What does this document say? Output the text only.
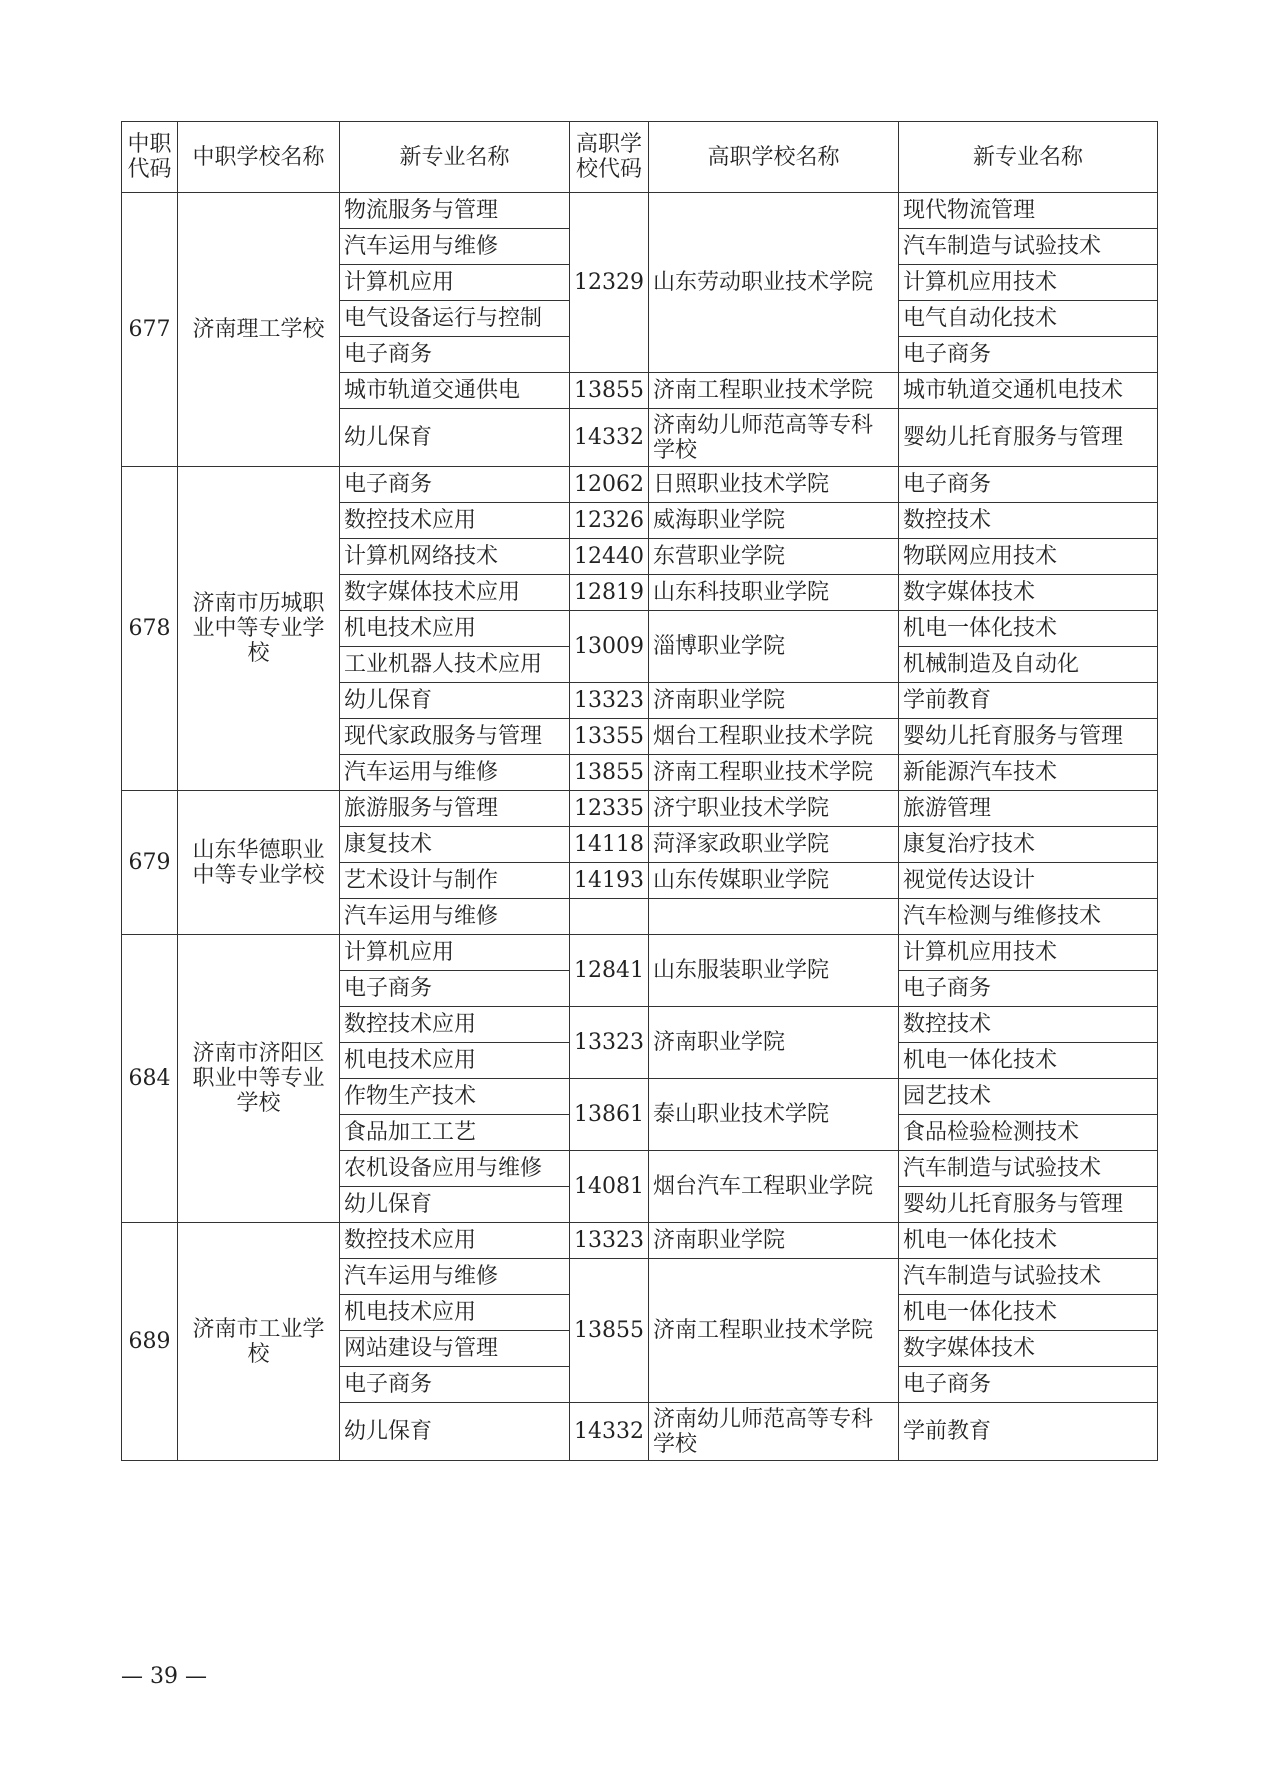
中职代码	中职学校名称	新专业名称	高职学校代码	高职学校名称	新专业名称
677	济南理工学校	物流服务与管理	12329	山东劳动职业技术学院	现代物流管理
		汽车运用与维修			汽车制造与试验技术
		计算机应用			计算机应用技术
		电气设备运行与控制			电气自动化技术
		电子商务			电子商务
		城市轨道交通供电	13855	济南工程职业技术学院	城市轨道交通机电技术
		幼儿保育	14332	济南幼儿师范高等专科学校	婴幼儿托育服务与管理
678	济南市历城职业中等专业学校	电子商务	12062	日照职业技术学院	电子商务
		数控技术应用	12326	威海职业学院	数控技术
		计算机网络技术	12440	东营职业学院	物联网应用技术
		数字媒体技术应用	12819	山东科技职业学院	数字媒体技术
		机电技术应用	13009	淄博职业学院	机电一体化技术
		工业机器人技术应用			机械制造及自动化
		幼儿保育	13323	济南职业学院	学前教育
		现代家政服务与管理	13355	烟台工程职业技术学院	婴幼儿托育服务与管理
		汽车运用与维修	13855	济南工程职业技术学院	新能源汽车技术
679	山东华德职业中等专业学校	旅游服务与管理	12335	济宁职业技术学院	旅游管理
		康复技术	14118	菏泽家政职业学院	康复治疗技术
		艺术设计与制作	14193	山东传媒职业学院	视觉传达设计
		汽车运用与维修			汽车检测与维修技术
684	济南市济阳区职业中等专业学校	计算机应用	12841	山东服装职业学院	计算机应用技术
		电子商务			电子商务
		数控技术应用	13323	济南职业学院	数控技术
		机电技术应用			机电一体化技术
		作物生产技术	13861	泰山职业技术学院	园艺技术
		食品加工工艺			食品检验检测技术
		农机设备应用与维修	14081	烟台汽车工程职业学院	汽车制造与试验技术
		幼儿保育			婴幼儿托育服务与管理
689	济南市工业学校	数控技术应用	13323	济南职业学院	机电一体化技术
		汽车运用与维修	13855	济南工程职业技术学院	汽车制造与试验技术
		机电技术应用			机电一体化技术
		网站建设与管理			数字媒体技术
		电子商务			电子商务
		幼儿保育	14332	济南幼儿师范高等专科学校	学前教育
— 39 —
